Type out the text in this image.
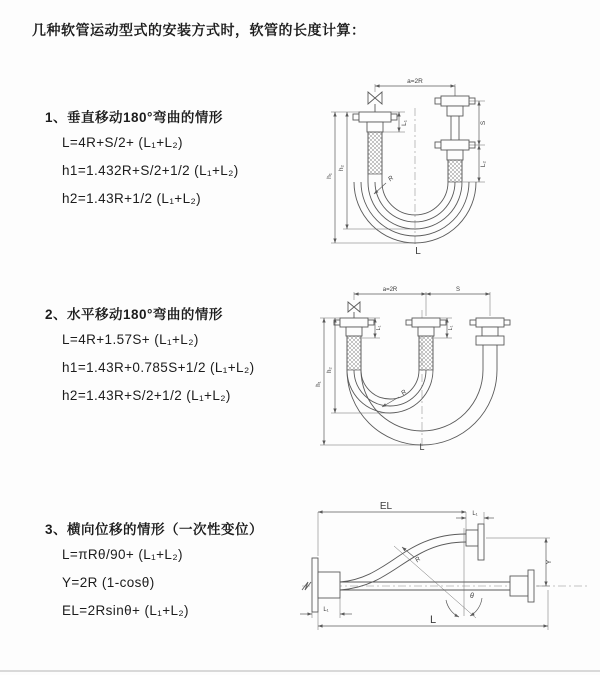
几种软管运动型式的安装方式时，软管的长度计算：
1、垂直移动180°弯曲的情形
L=4R+S/2+ (L₁+L₂)
h1=1.432R+S/2+1/2 (L₁+L₂)
h2=1.43R+1/2 (L₁+L₂)
2、水平移动180°弯曲的情形
L=4R+1.57S+ (L₁+L₂)
h1=1.43R+0.785S+1/2 (L₁+L₂)
h2=1.43R+S/2+1/2 (L₁+L₂)
3、横向位移的情形（一次性变位）
L=πRθ/90+ (L₁+L₂)
Y=2R (1-cosθ)
EL=2Rsinθ+ (L₁+L₂)
a=2R
L₁	S
L₂
h₁
h₂
R
L
a=2R	S
L₁	L₁
h₁
h₂
R
L
EL
L₁
θ
R	Y
L₁
L
